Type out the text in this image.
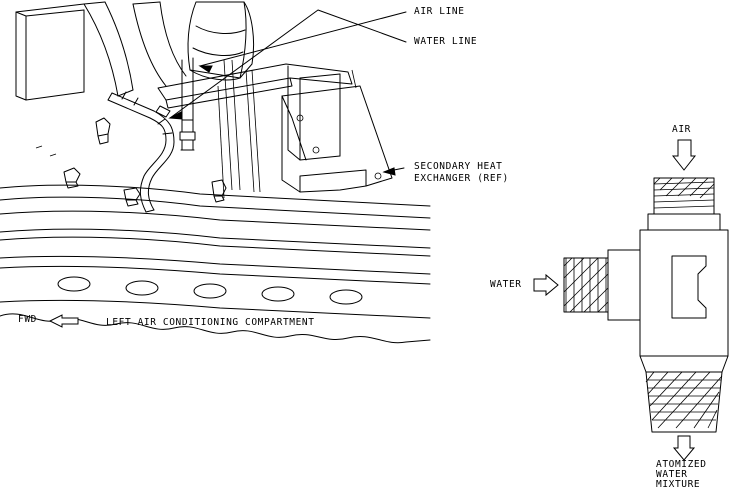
AIR LINE
WATER LINE
SECONDARY HEAT
EXCHANGER (REF)
FWD	LEFT AIR CONDITIONING COMPARTMENT
AIR
WATER
ATOMIZED
WATER
MIXTURE
